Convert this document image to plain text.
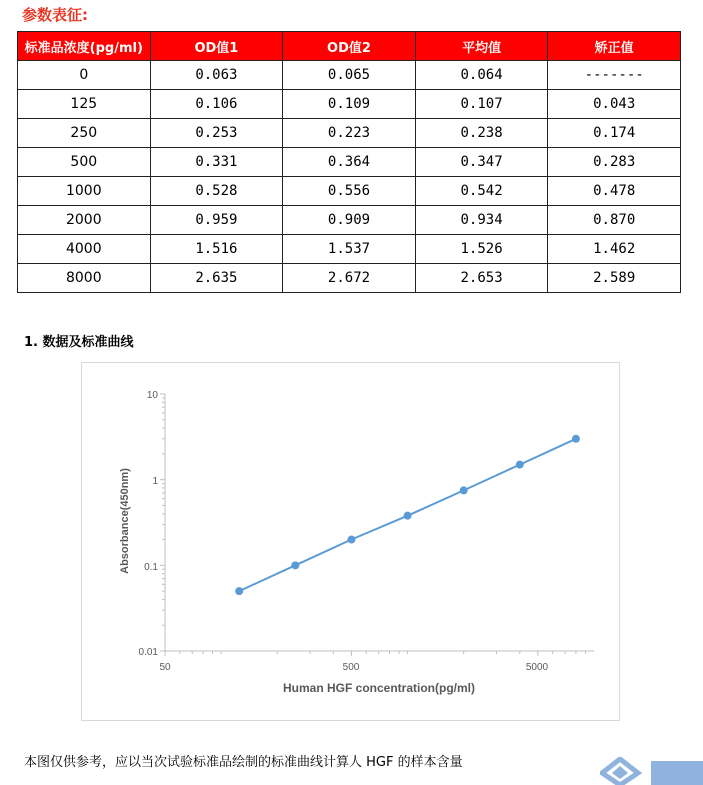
参数表征:
标准品浓度(pg/ml)	OD值1	OD值2	平均值	矫正值
0	0.063	0.065	0.064	-------
125	0.106	0.109	0.107	0.043
250	0.253	0.223	0.238	0.174
500	0.331	0.364	0.347	0.283
1000	0.528	0.556	0.542	0.478
2000	0.959	0.909	0.934	0.870
4000	1.516	1.537	1.526	1.462
8000	2.635	2.672	2.653	2.589
1. 数据及标准曲线
10
1
0.1
0.01
50	500	5000
Human HGF concentration(pg/ml)
Absorbance(450nm)
本图仅供参考，应以当次试验标准品绘制的标准曲线计算人 HGF 的样本含量
